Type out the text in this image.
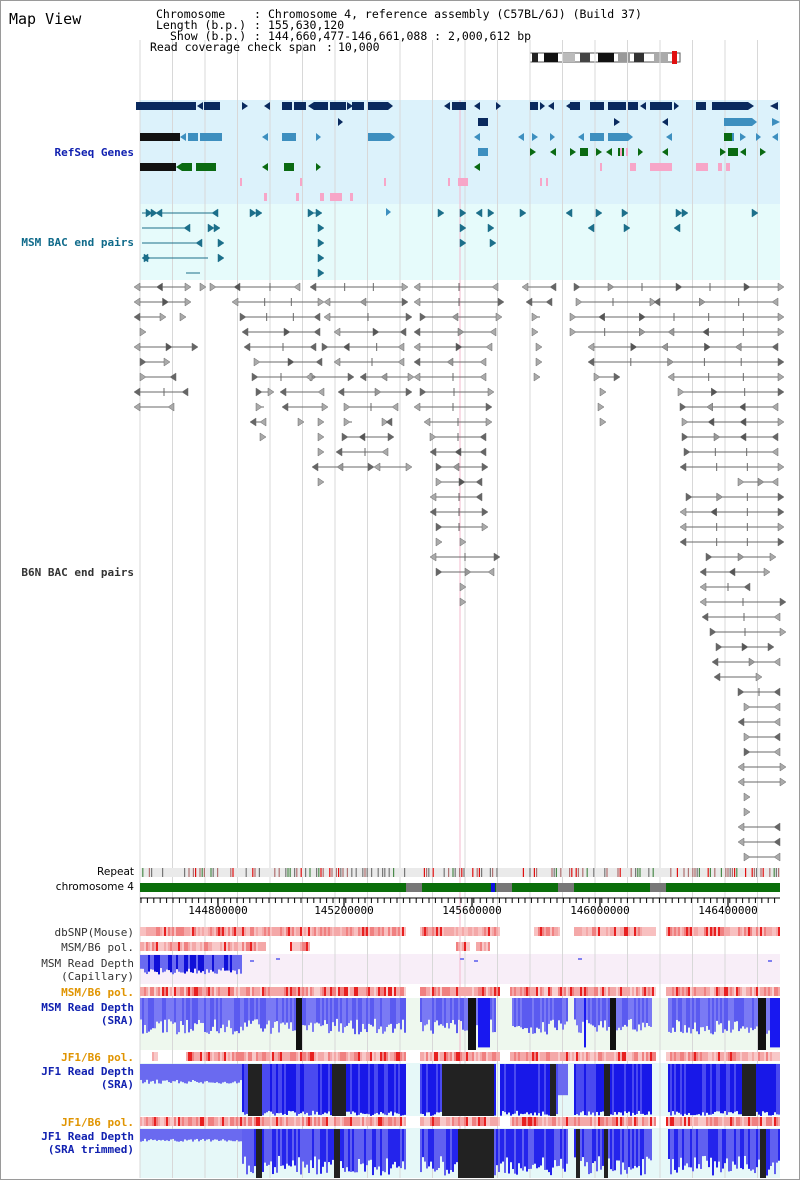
144800000	145200000	145600000	146000000	146400000
Map View	Chromosome	: Chromosome 4, reference assembly (C57BL/6J) (Build 37)
Length (b.p.) : 155,630,120
Show (b.p.) : 144,660,477-146,661,088 : 2,000,612 bp
Read coverage check span : 10,000
RefSeq Genes
MSM BAC end pairs
B6N BAC end pairs
Repeat
chromosome 4
dbSNP(Mouse)
MSM/B6 pol.
MSM Read Depth
(Capillary)
MSM/B6 pol.
MSM Read Depth
(SRA)
JF1/B6 pol.
JF1 Read Depth
(SRA)
JF1/B6 pol.
JF1 Read Depth
(SRA trimmed)
